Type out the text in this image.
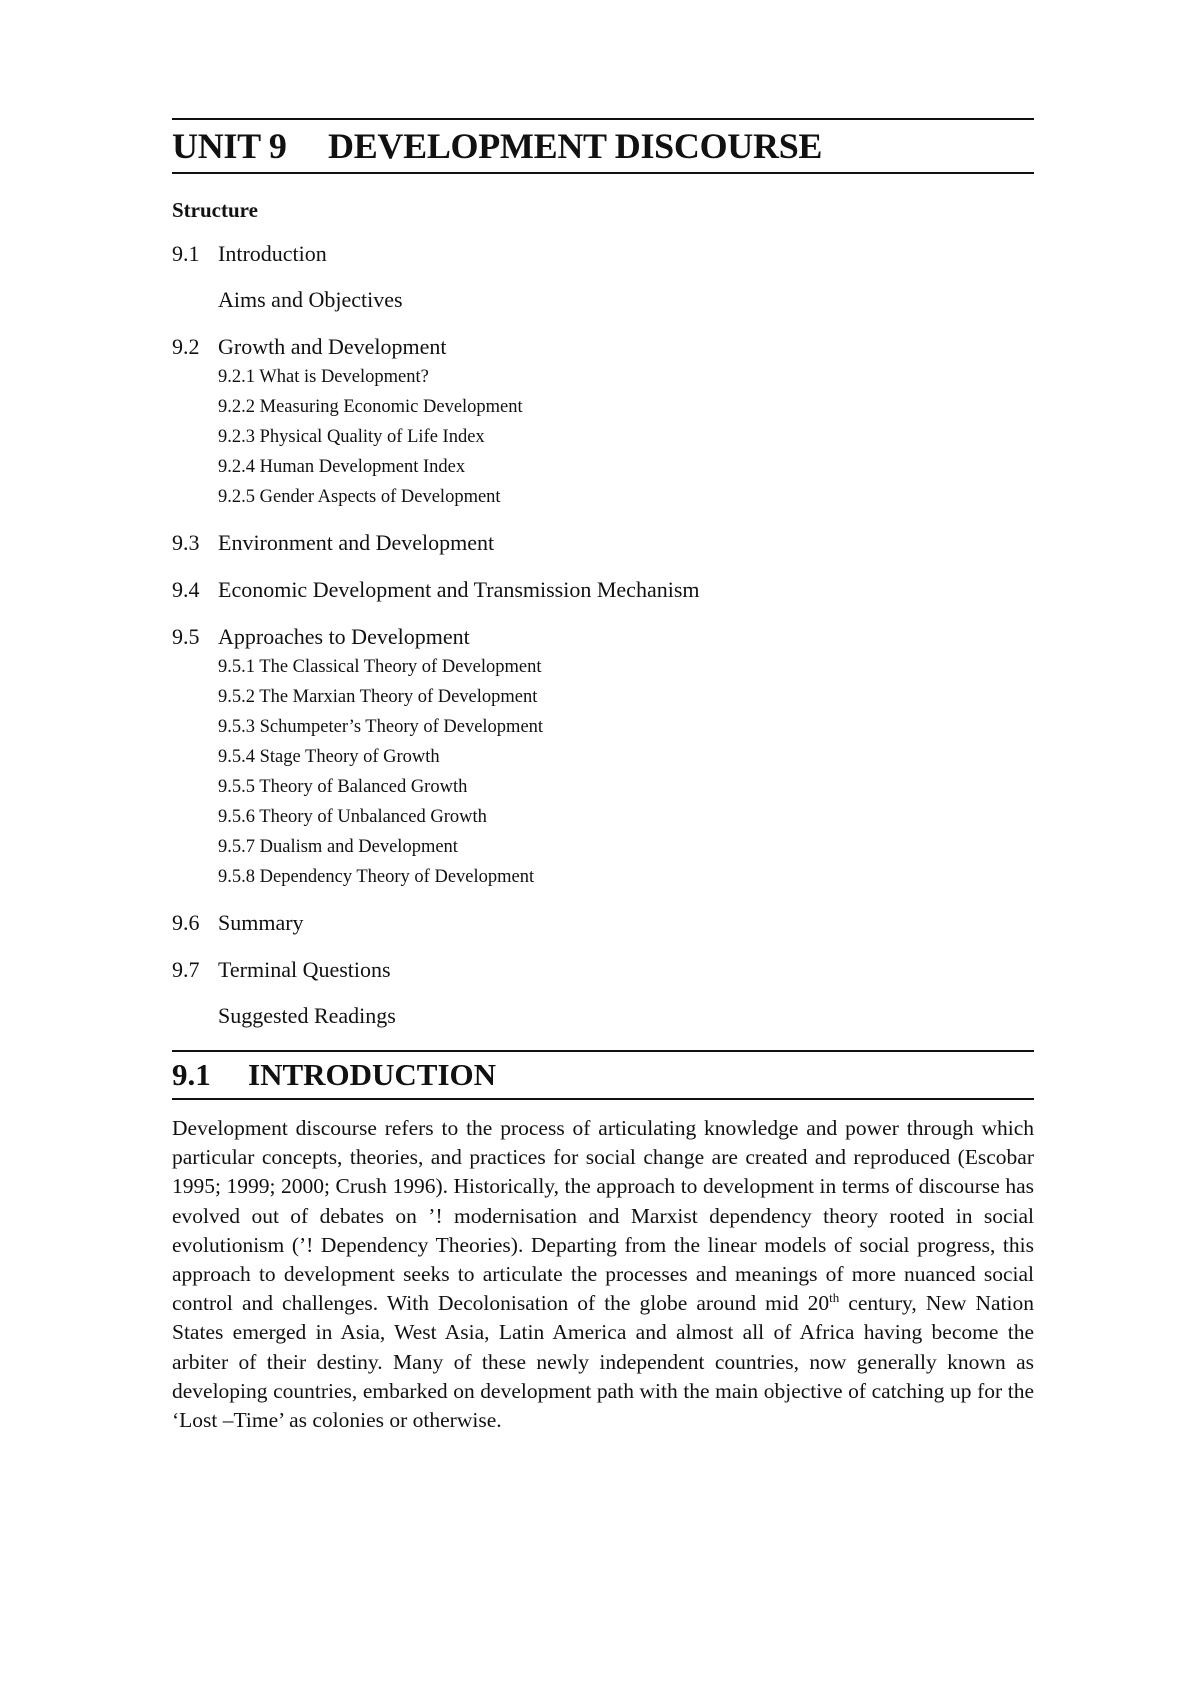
UNIT 9	DEVELOPMENT DISCOURSE
Structure
9.1 Introduction
Aims and Objectives
9.2 Growth and Development
9.2.1 What is Development?
9.2.2 Measuring Economic Development
9.2.3 Physical Quality of Life Index
9.2.4 Human Development Index
9.2.5 Gender Aspects of Development
9.3 Environment and Development
9.4 Economic Development and Transmission Mechanism
9.5 Approaches to Development
9.5.1 The Classical Theory of Development
9.5.2 The Marxian Theory of Development
9.5.3 Schumpeter’s Theory of Development
9.5.4 Stage Theory of Growth
9.5.5 Theory of Balanced Growth
9.5.6 Theory of Unbalanced Growth
9.5.7 Dualism and Development
9.5.8 Dependency Theory of Development
9.6 Summary
9.7 Terminal Questions
Suggested Readings
9.1	INTRODUCTION

Development discourse refers to the process of articulating knowledge and power through which particular concepts, theories, and practices for social change are created and reproduced (Escobar 1995; 1999; 2000; Crush 1996). Historically, the approach to development in terms of discourse has evolved out of debates on ’! modernisation and Marxist dependency theory rooted in social evolutionism (’! Dependency Theories). Departing from the linear models of social progress, this approach to development seeks to articulate the processes and meanings of more nuanced social control and challenges. With Decolonisation of the globe around mid 20th century, New Nation States emerged in Asia, West Asia, Latin America and almost all of Africa having become the arbiter of their destiny. Many of these newly independent countries, now generally known as developing countries, embarked on development path with the main objective of catching up for the ‘Lost –Time’ as colonies or otherwise.
